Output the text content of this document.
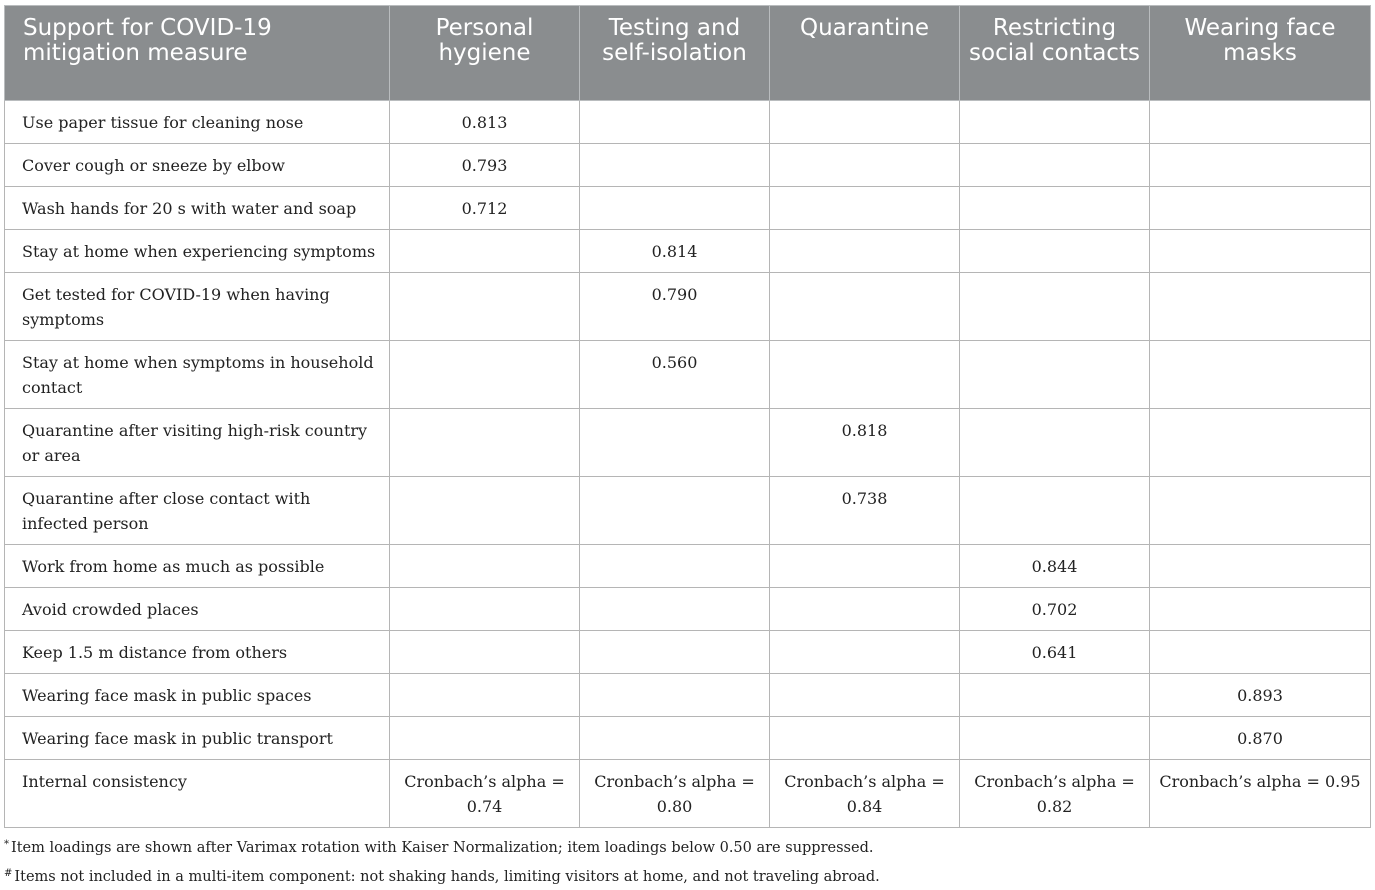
Support for COVID-19 mitigation measure	Personal hygiene	Testing and self-isolation	Quarantine	Restricting social contacts	Wearing face masks
Use paper tissue for cleaning nose	0.813				
Cover cough or sneeze by elbow	0.793				
Wash hands for 20 s with water and soap	0.712				
Stay at home when experiencing symptoms		0.814			
Get tested for COVID-19 when having symptoms		0.790			
Stay at home when symptoms in household contact		0.560			
Quarantine after visiting high-risk country or area			0.818		
Quarantine after close contact with infected person			0.738		
Work from home as much as possible				0.844	
Avoid crowded places				0.702	
Keep 1.5 m distance from others				0.641	
Wearing face mask in public spaces					0.893
Wearing face mask in public transport					0.870
Internal consistency	Cronbach’s alpha = 0.74	Cronbach’s alpha = 0.80	Cronbach’s alpha = 0.84	Cronbach’s alpha = 0.82	Cronbach’s alpha = 0.95
* Item loadings are shown after Varimax rotation with Kaiser Normalization; item loadings below 0.50 are suppressed.
# Items not included in a multi-item component: not shaking hands, limiting visitors at home, and not traveling abroad.
